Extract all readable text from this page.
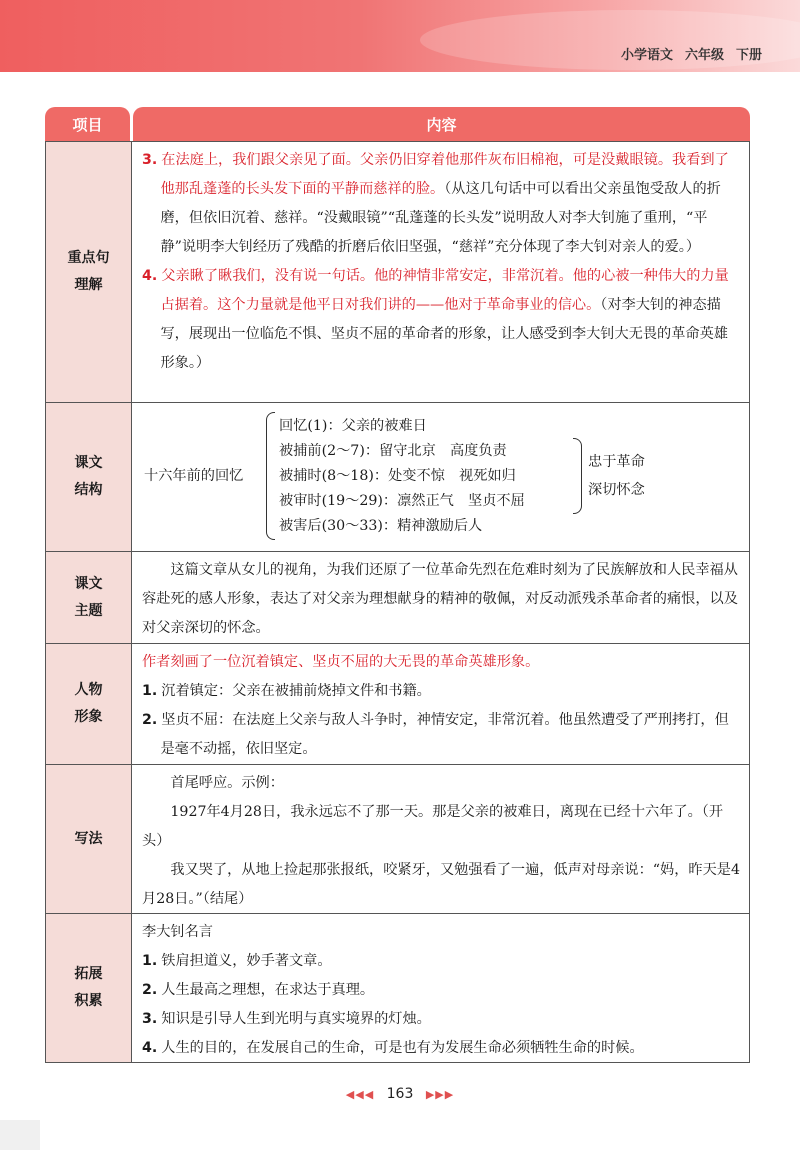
小学语文 六年级 下册
项目	内容
重点句
理解

3. 在法庭上，我们跟父亲见了面。父亲仍旧穿着他那件灰布旧棉袍，可是没戴眼镜。我看到了他那乱蓬蓬的长头发下面的平静而慈祥的脸。（从这几句话中可以看出父亲虽饱受敌人的折磨，但依旧沉着、慈祥。“没戴眼镜”“乱蓬蓬的长头发”说明敌人对李大钊施了重刑，“平静”说明李大钊经历了残酷的折磨后依旧坚强，“慈祥”充分体现了李大钊对亲人的爱。）

4. 父亲瞅了瞅我们，没有说一句话。他的神情非常安定，非常沉着。他的心被一种伟大的力量占据着。这个力量就是他平日对我们讲的——他对于革命事业的信心。（对李大钊的神态描写，展现出一位临危不惧、坚贞不屈的革命者的形象，让人感受到李大钊大无畏的革命英雄形象。）

课文
结构
十六年前的回忆
回忆(1)：父亲的被难日
被捕前(2～7)：留守北京　高度负责
被捕时(8～18)：处变不惊　视死如归
被审时(19～29)：凛然正气　坚贞不屈
被害后(30～33)：精神激励后人
忠于革命
深切怀念
课文
主题

这篇文章从女儿的视角，为我们还原了一位革命先烈在危难时刻为了民族解放和人民幸福从容赴死的感人形象，表达了对父亲为理想献身的精神的敬佩，对反动派残杀革命者的痛恨，以及对父亲深切的怀念。

人物
形象

作者刻画了一位沉着镇定、坚贞不屈的大无畏的革命英雄形象。

1. 沉着镇定：父亲在被捕前烧掉文件和书籍。

2. 坚贞不屈：在法庭上父亲与敌人斗争时，神情安定，非常沉着。他虽然遭受了严刑拷打，但是毫不动摇，依旧坚定。

写法

首尾呼应。示例：

1927年4月28日，我永远忘不了那一天。那是父亲的被难日，离现在已经十六年了。（开头）

我又哭了，从地上捡起那张报纸，咬紧牙，又勉强看了一遍，低声对母亲说：“妈，昨天是4月28日。”（结尾）

拓展
积累

李大钊名言

1. 铁肩担道义，妙手著文章。

2. 人生最高之理想，在求达于真理。

3. 知识是引导人生到光明与真实境界的灯烛。

4. 人生的目的，在发展自己的生命，可是也有为发展生命必须牺牲生命的时候。

◀◀◀ 163 ▶▶▶
